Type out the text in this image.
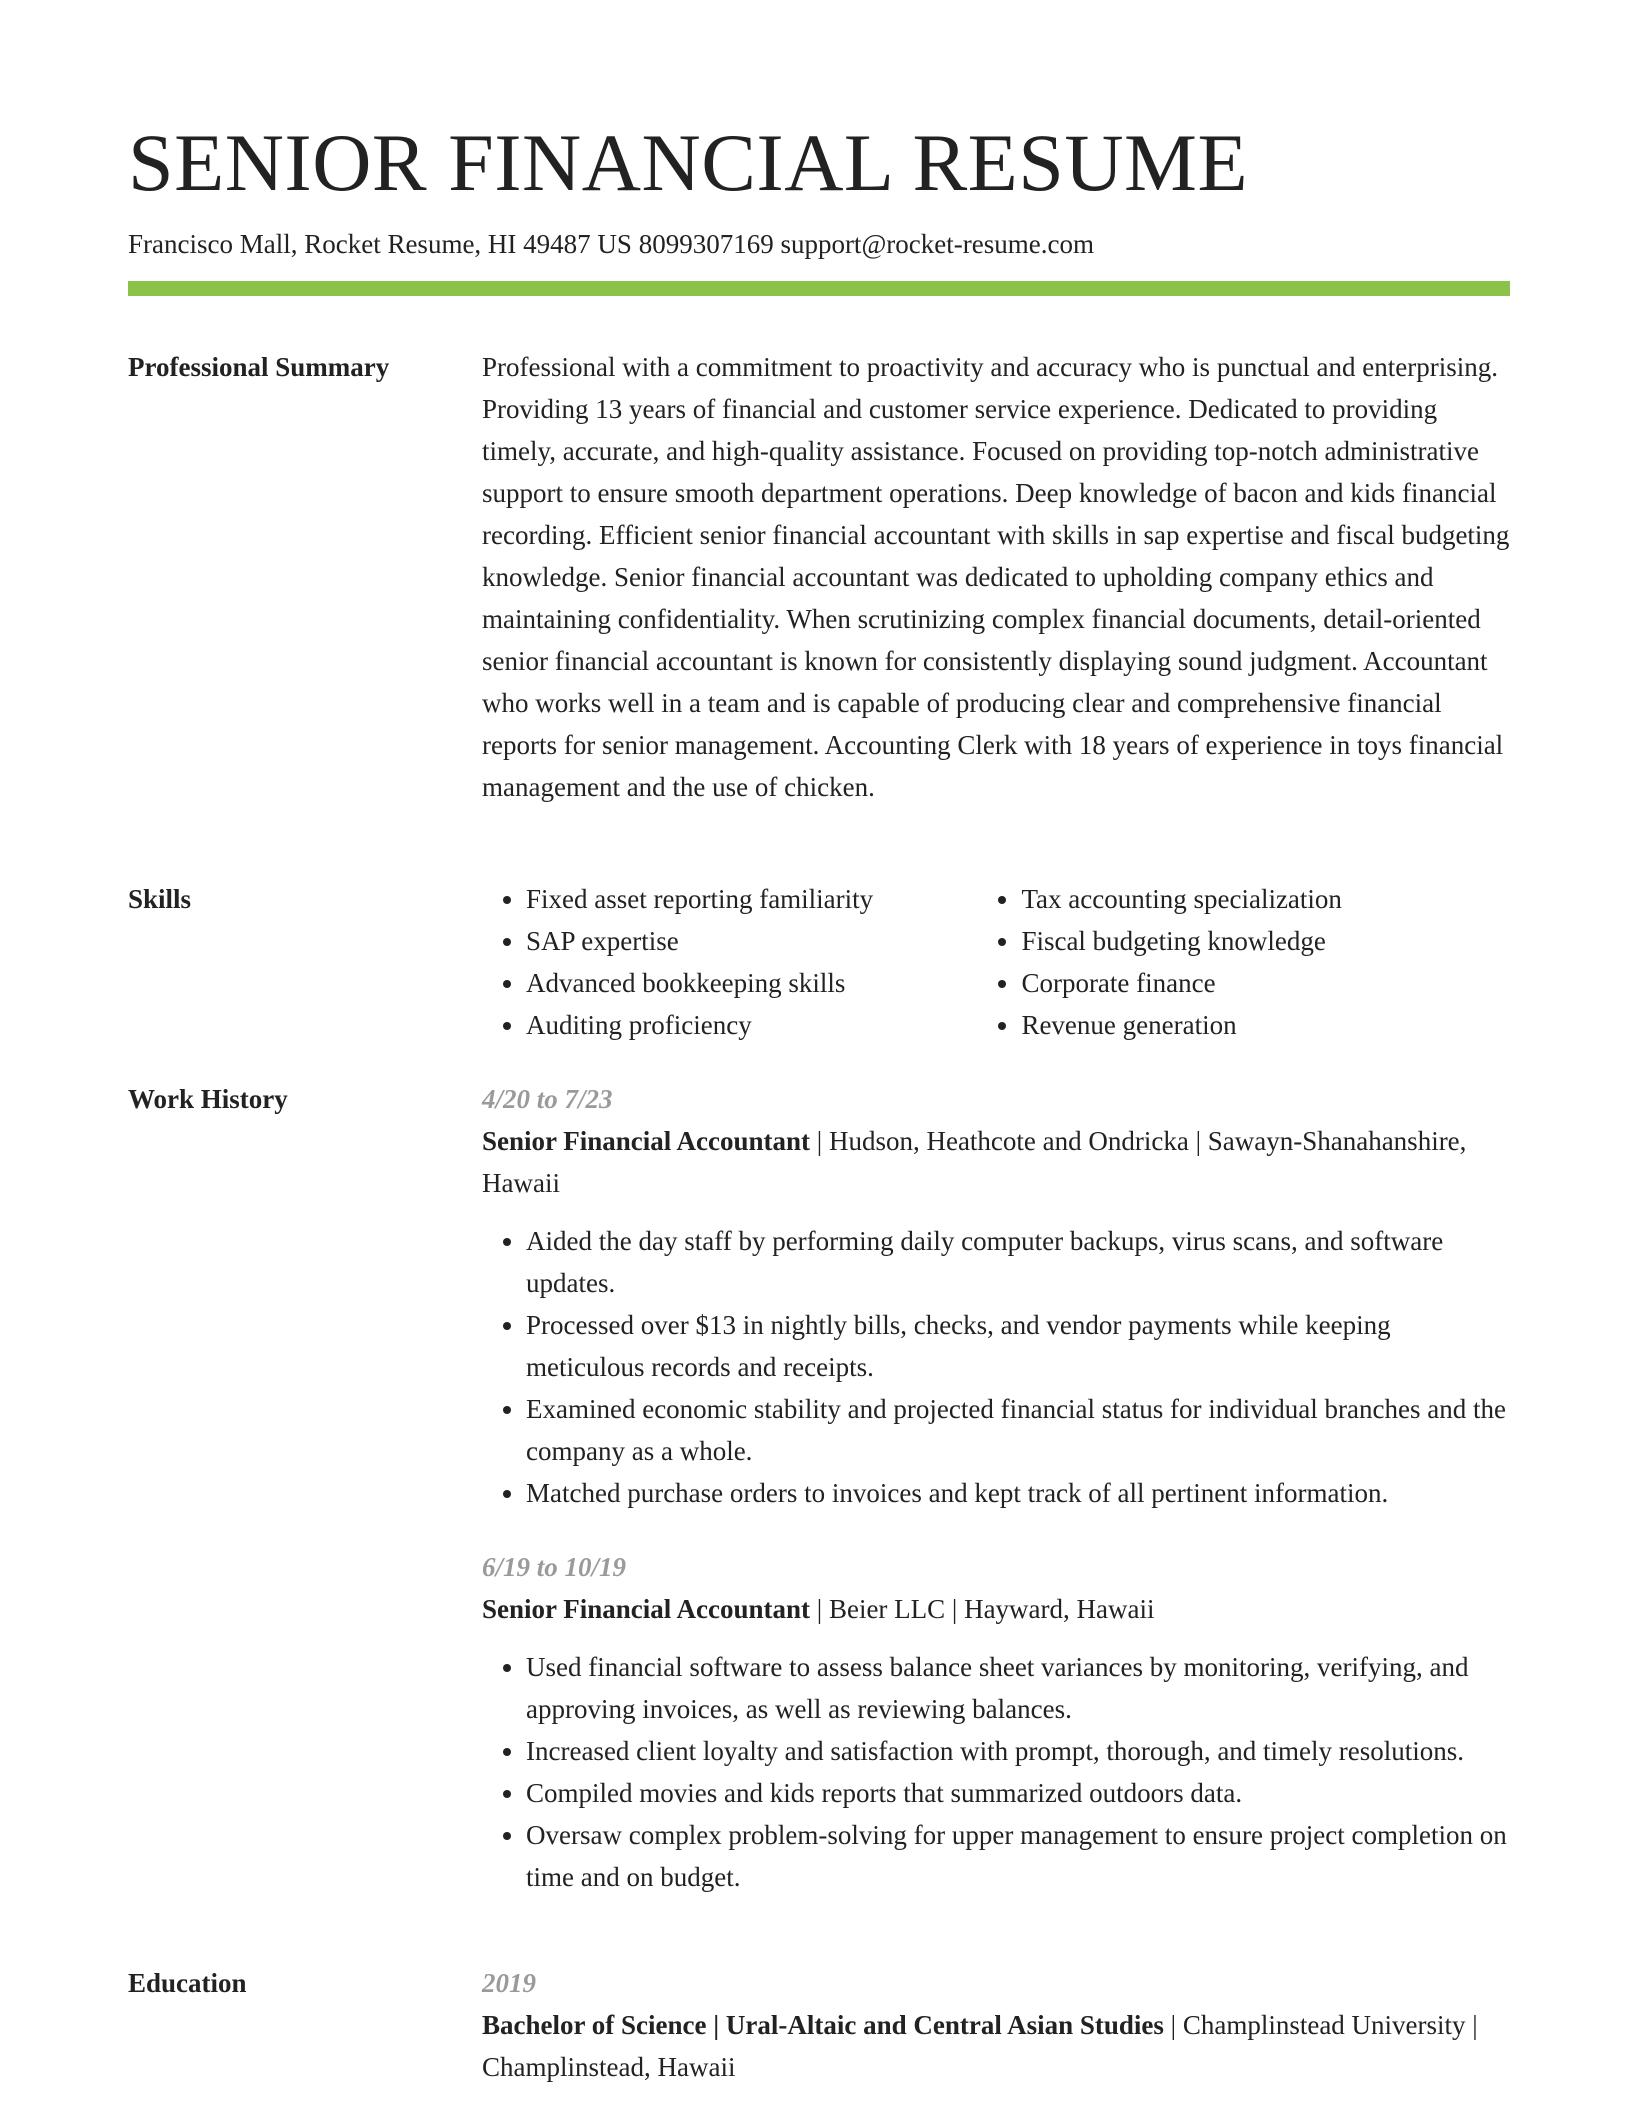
SENIOR FINANCIAL RESUME
Francisco Mall, Rocket Resume, HI 49487 US 8099307169 support@rocket-resume.com
Professional Summary	Professional with a commitment to proactivity and accuracy who is punctual and enterprising. Providing 13 years of financial and customer service experience. Dedicated to providing timely, accurate, and high-quality assistance. Focused on providing top-notch administrative support to ensure smooth department operations. Deep knowledge of bacon and kids financial recording. Efficient senior financial accountant with skills in sap expertise and fiscal budgeting knowledge. Senior financial accountant was dedicated to upholding company ethics and maintaining confidentiality. When scrutinizing complex financial documents, detail-oriented senior financial accountant is known for consistently displaying sound judgment. Accountant who works well in a team and is capable of producing clear and comprehensive financial reports for senior management. Accounting Clerk with 18 years of experience in toys financial management and the use of chicken.

Skills
•	Fixed asset reporting familiarity
• SAP expertise
• Advanced bookkeeping skills
• Auditing proficiency
• Tax accounting specialization
• Fiscal budgeting knowledge
• Corporate finance
• Revenue generation
Work History	4/20 to 7/23
Senior Financial Accountant | Hudson, Heathcote and Ondricka | Sawayn-Shanahanshire, Hawaii
• Aided the day staff by performing daily computer backups, virus scans, and software updates.
• Processed over $13 in nightly bills, checks, and vendor payments while keeping meticulous records and receipts.
• Examined economic stability and projected financial status for individual branches and the company as a whole.
• Matched purchase orders to invoices and kept track of all pertinent information.
6/19 to 10/19
Senior Financial Accountant | Beier LLC | Hayward, Hawaii
• Used financial software to assess balance sheet variances by monitoring, verifying, and approving invoices, as well as reviewing balances.
• Increased client loyalty and satisfaction with prompt, thorough, and timely resolutions.
• Compiled movies and kids reports that summarized outdoors data.
• Oversaw complex problem-solving for upper management to ensure project completion on time and on budget.
Education	2019
Bachelor of Science | Ural-Altaic and Central Asian Studies | Champlinstead University | Champlinstead, Hawaii
